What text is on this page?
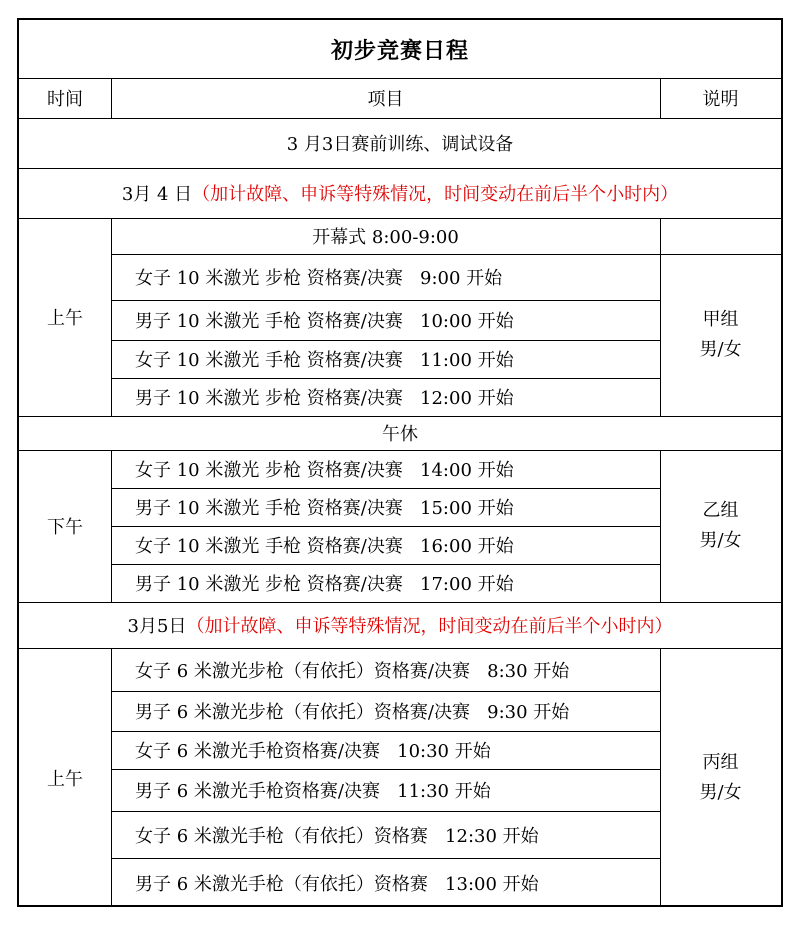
初步竞赛日程
时间	项目	说明
3 月3日赛前训练、调试设备
3月 4 日 （加计故障、申诉等特殊情况，时间变动在前后半个小时内）
上午
开幕式 8:00-9:00
女子 10 米激光 步枪 资格赛/决赛   9:00 开始
男子 10 米激光 手枪 资格赛/决赛   10:00 开始
女子 10 米激光 手枪 资格赛/决赛   11:00 开始
男子 10 米激光 步枪 资格赛/决赛   12:00 开始
甲组
男/女
午休
下午
女子 10 米激光 步枪 资格赛/决赛   14:00 开始
男子 10 米激光 手枪 资格赛/决赛   15:00 开始
女子 10 米激光 手枪 资格赛/决赛   16:00 开始
男子 10 米激光 步枪 资格赛/决赛   17:00 开始
乙组
男/女
3月5日 （加计故障、申诉等特殊情况，时间变动在前后半个小时内）
上午
女子 6 米激光步枪（有依托）资格赛/决赛   8:30 开始
男子 6 米激光步枪（有依托）资格赛/决赛   9:30 开始
女子 6 米激光手枪资格赛/决赛   10:30 开始
男子 6 米激光手枪资格赛/决赛   11:30 开始
女子 6 米激光手枪（有依托）资格赛   12:30 开始
男子 6 米激光手枪（有依托）资格赛   13:00 开始
丙组
男/女
